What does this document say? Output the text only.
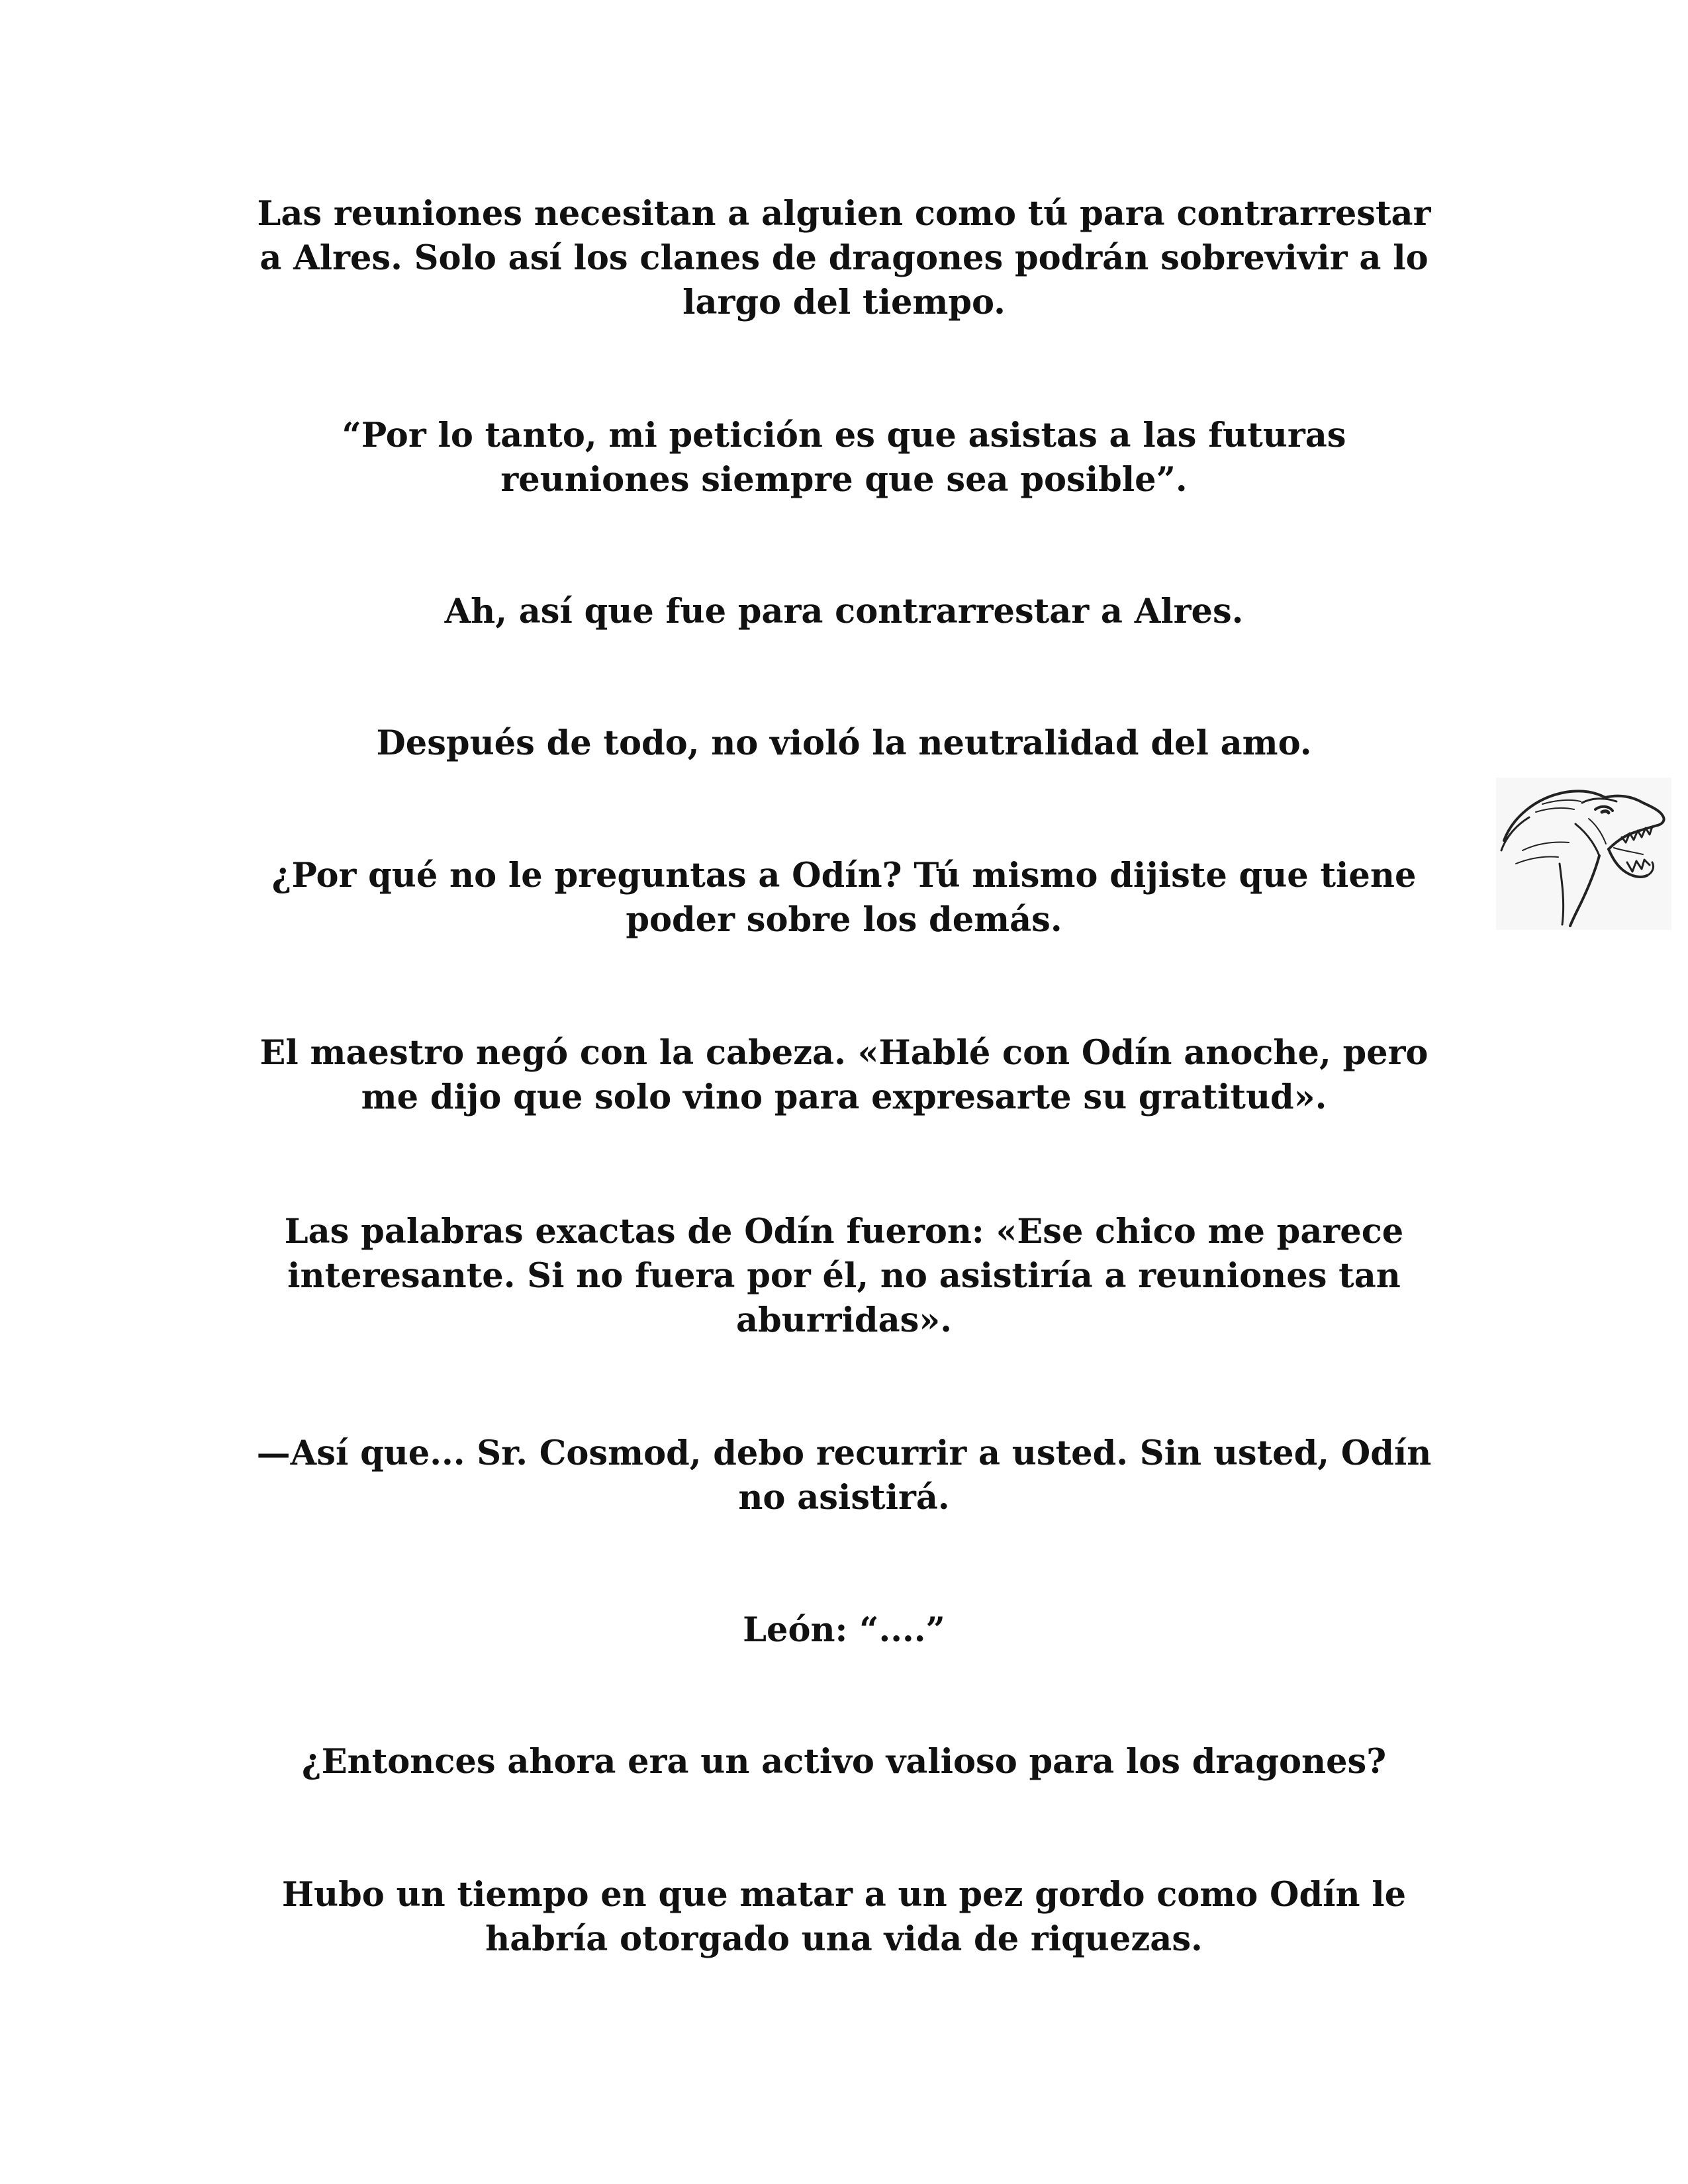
Las reuniones necesitan a alguien como tú para contrarrestar
a Alres. Solo así los clanes de dragones podrán sobrevivir a lo
largo del tiempo.

“Por lo tanto, mi petición es que asistas a las futuras
reuniones siempre que sea posible”.

Ah, así que fue para contrarrestar a Alres.

Después de todo, no violó la neutralidad del amo.

¿Por qué no le preguntas a Odín? Tú mismo dijiste que tiene
poder sobre los demás.

El maestro negó con la cabeza. «Hablé con Odín anoche, pero
me dijo que solo vino para expresarte su gratitud».

Las palabras exactas de Odín fueron: «Ese chico me parece
interesante. Si no fuera por él, no asistiría a reuniones tan
aburridas».

—Así que... Sr. Cosmod, debo recurrir a usted. Sin usted, Odín
no asistirá.

León: “....”

¿Entonces ahora era un activo valioso para los dragones?

Hubo un tiempo en que matar a un pez gordo como Odín le
habría otorgado una vida de riquezas.
